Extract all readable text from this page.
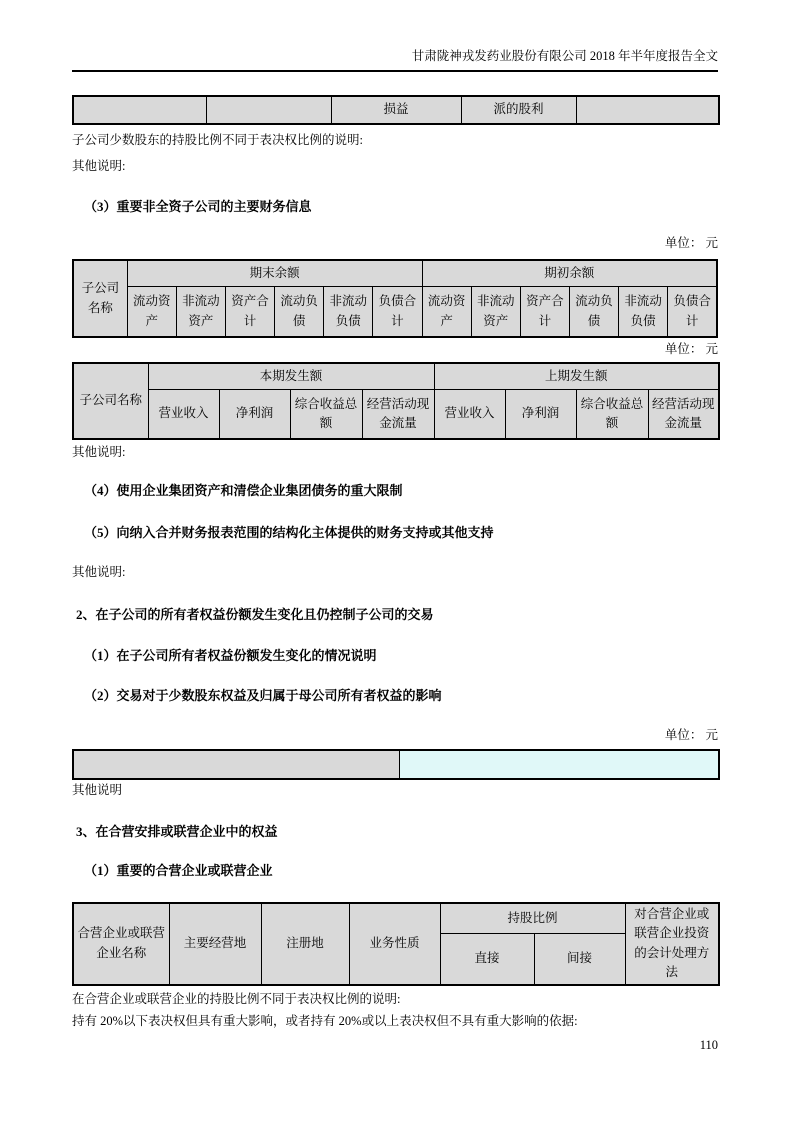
甘肃陇神戎发药业股份有限公司 2018 年半年度报告全文
		损益	派的股利	

子公司少数股东的持股比例不同于表决权比例的说明:

其他说明:

（3）重要非全资子公司的主要财务信息

单位： 元

子公司名称	期末余额						期初余额					
	流动资产	非流动资产	资产合计	流动负债	非流动负债	负债合计	流动资产	非流动资产	资产合计	流动负债	非流动负债	负债合计

单位： 元

子公司名称	本期发生额				上期发生额			
	营业收入	净利润	综合收益总额	经营活动现金流量	营业收入	净利润	综合收益总额	经营活动现金流量

其他说明:

（4）使用企业集团资产和清偿企业集团债务的重大限制
（5）向纳入合并财务报表范围的结构化主体提供的财务支持或其他支持

其他说明:

2、在子公司的所有者权益份额发生变化且仍控制子公司的交易
（1）在子公司所有者权益份额发生变化的情况说明
（2）交易对于少数股东权益及归属于母公司所有者权益的影响

单位： 元

其他说明

3、在合营安排或联营企业中的权益
（1）重要的合营企业或联营企业
合营企业或联营企业名称	主要经营地	注册地	业务性质	持股比例		对合营企业或联营企业投资的会计处理方法
				直接	间接	

在合营企业或联营企业的持股比例不同于表决权比例的说明:

持有 20%以下表决权但具有重大影响，或者持有 20%或以上表决权但不具有重大影响的依据:

110
